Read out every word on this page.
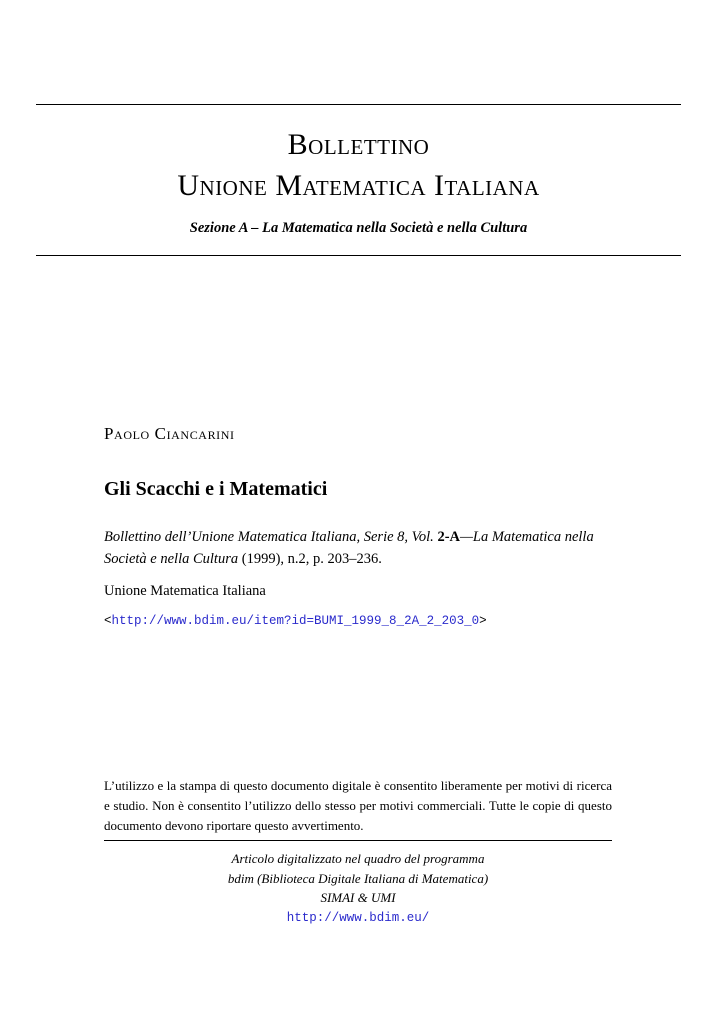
Bollettino
Unione Matematica Italiana
Sezione A – La Matematica nella Società e nella Cultura
Paolo Ciancarini
Gli Scacchi e i Matematici
Bollettino dell’Unione Matematica Italiana, Serie 8, Vol. 2-A—La Matematica nella Società e nella Cultura (1999), n.2, p. 203–236.
Unione Matematica Italiana
<http://www.bdim.eu/item?id=BUMI_1999_8_2A_2_203_0>
L’utilizzo e la stampa di questo documento digitale è consentito liberamente per motivi di ricerca e studio. Non è consentito l’utilizzo dello stesso per motivi commerciali. Tutte le copie di questo documento devono riportare questo avvertimento.
Articolo digitalizzato nel quadro del programma
bdim (Biblioteca Digitale Italiana di Matematica)
SIMAI & UMI
http://www.bdim.eu/
